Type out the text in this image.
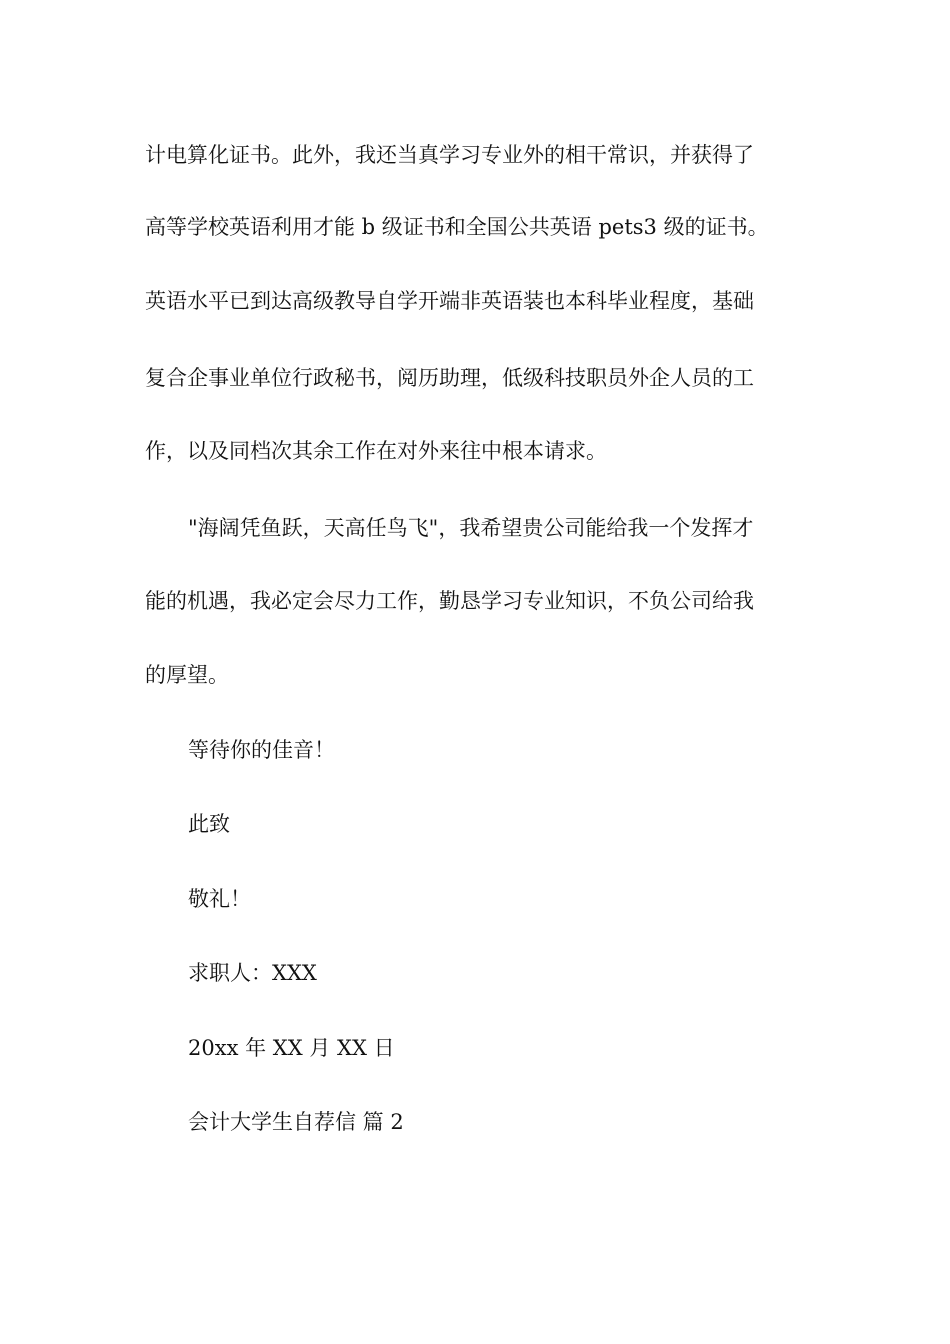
计电算化证书。此外，我还当真学习专业外的相干常识，并获得了
高等学校英语利用才能 b 级证书和全国公共英语 pets3 级的证书。
英语水平已到达高级教导自学开端非英语装也本科毕业程度，基础
复合企事业单位行政秘书，阅历助理，低级科技职员外企人员的工
作，以及同档次其余工作在对外来往中根本请求。
"海阔凭鱼跃，天高任鸟飞"，我希望贵公司能给我一个发挥才
能的机遇，我必定会尽力工作，勤恳学习专业知识，不负公司给我
的厚望。
等待你的佳音！
此致
敬礼！
求职人：XXX
20xx 年 XX 月 XX 日
会计大学生自荐信 篇 2
